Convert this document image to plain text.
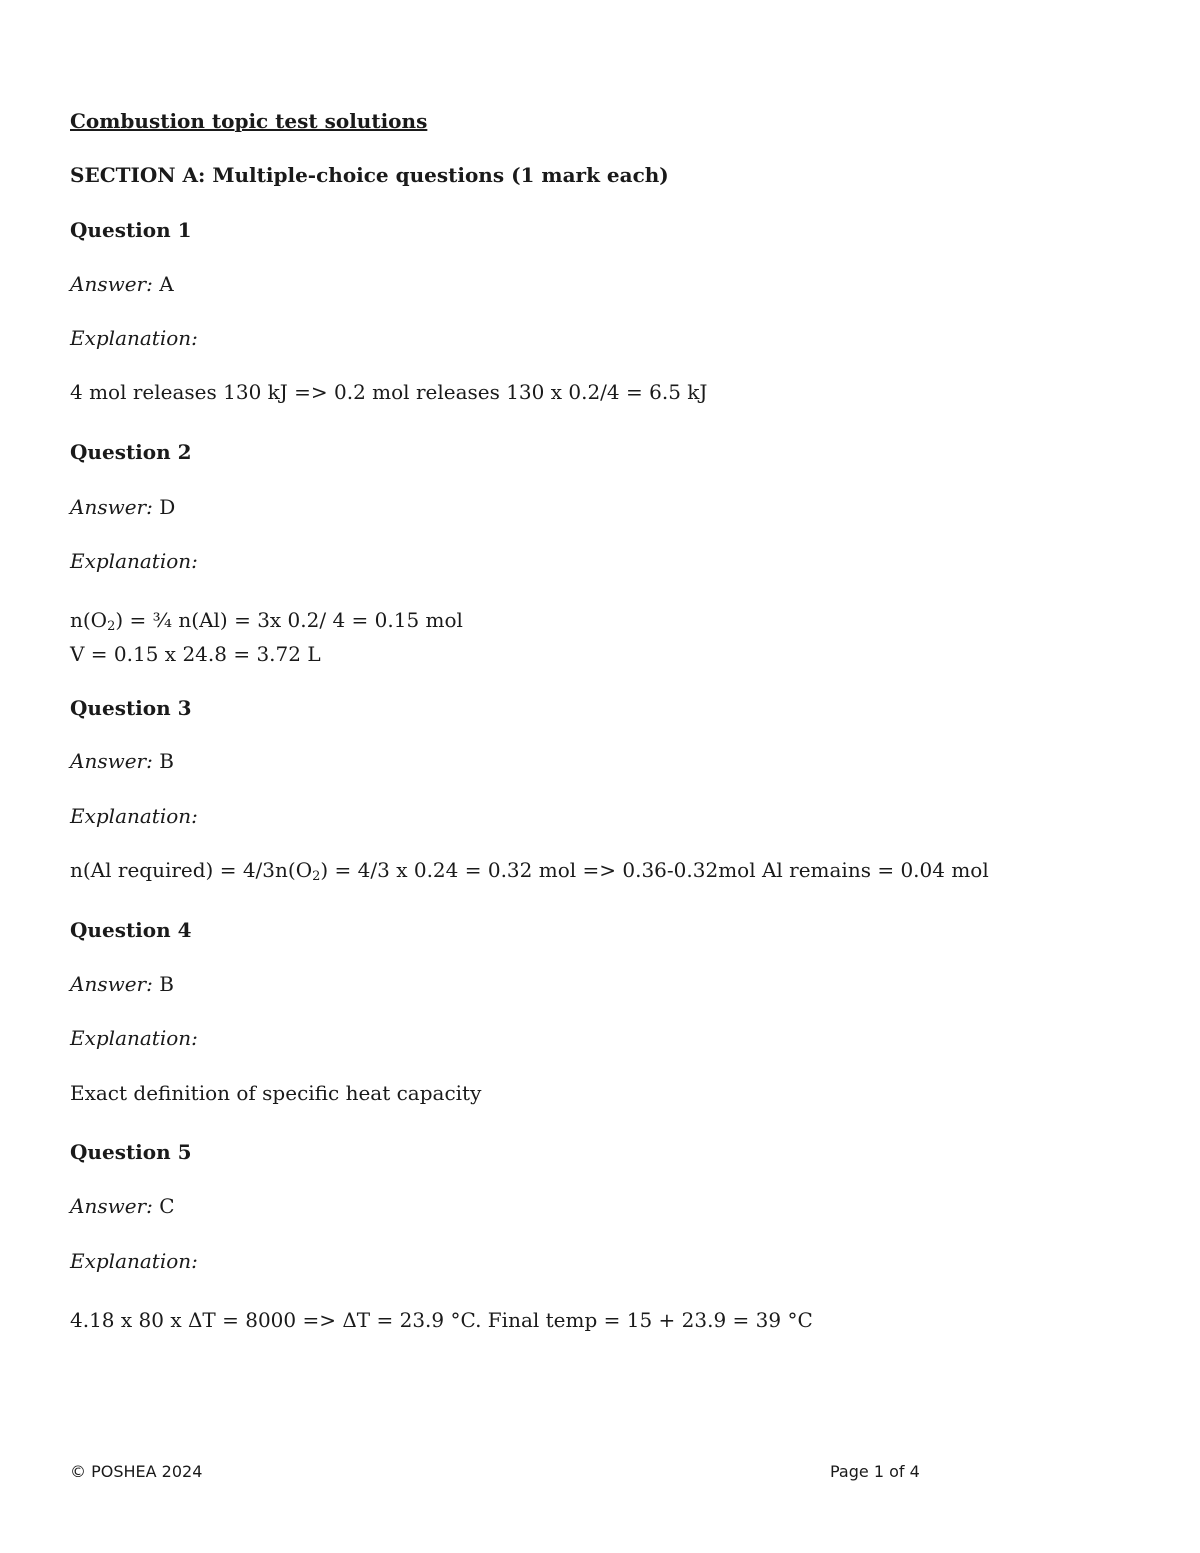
Combustion topic test solutions
SECTION A: Multiple-choice questions (1 mark each)
Question 1
Answer: A
Explanation:
4 mol releases 130 kJ => 0.2 mol releases 130 x 0.2/4 = 6.5 kJ
Question 2
Answer: D
Explanation:
$n(O_2)$ = ¾ n(Al) = 3x 0.2/ 4 = 0.15 mol
V = 0.15 x 24.8 = 3.72 L
Question 3
Answer: B
Explanation:
n(Al required) = $4/3n(O_2) = 4/3$ x 0.24 = 0.32 mol => 0.36-0.32mol Al remains = 0.04 mol
Question 4
Answer: B
Explanation:
Exact definition of specific heat capacity
Question 5
Answer: C
Explanation:
4.18 x 80 x ΔT = 8000 => ΔT = 23.9 °C. Final temp = 15 + 23.9 = 39 °C
© POSHEA 2024	Page 1 of 4
